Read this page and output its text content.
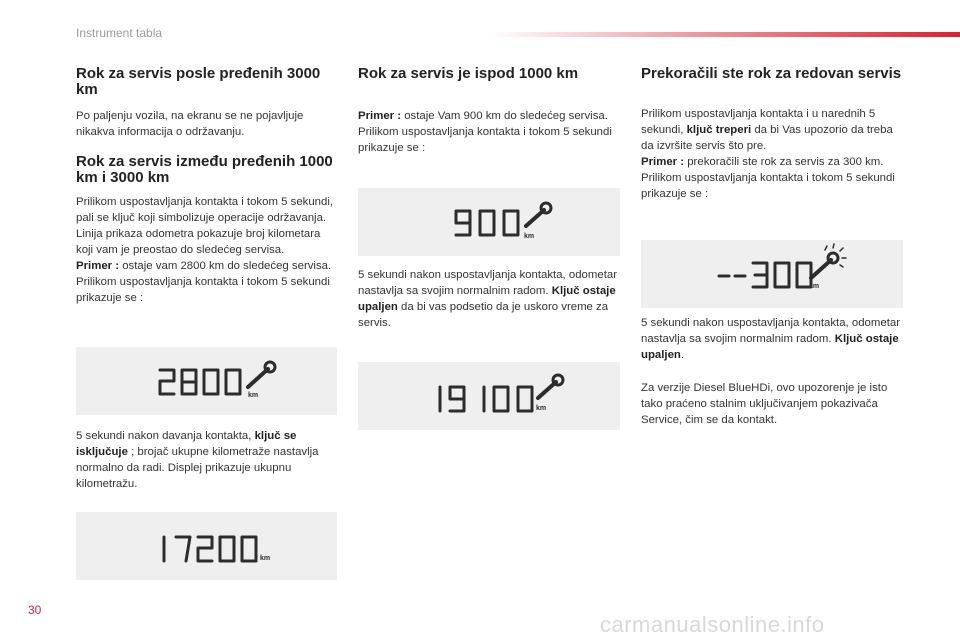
Instrument tabla
Rok za servis posle pređenih 3000 km
Po paljenju vozila, na ekranu se ne pojavljuje nikakva informacija o održavanju.
Rok za servis između pređenih 1000 km i 3000 km
Prilikom uspostavljanja kontakta i tokom 5 sekundi, pali se ključ koji simbolizuje operacije održavanja. Linija prikaza odometra pokazuje broj kilometara koji vam je preostao do sledećeg servisa.
Primer : ostaje vam 2800 km do sledećeg servisa.
Prilikom uspostavljanja kontakta i tokom 5 sekundi prikazuje se :
km
5 sekundi nakon davanja kontakta, ključ se isključuje ; brojač ukupne kilometraže nastavlja normalno da radi. Displej prikazuje ukupnu kilometražu.
km
Rok za servis je ispod 1000 km
Primer : ostaje Vam 900 km do sledećeg servisa.
Prilikom uspostavljanja kontakta i tokom 5 sekundi prikazuje se :
km
5 sekundi nakon uspostavljanja kontakta, odometar nastavlja sa svojim normalnim radom. Ključ ostaje upaljen da bi vas podsetio da je uskoro vreme za servis.
km
Prekoračili ste rok za redovan servis
Prilikom uspostavljanja kontakta i u narednih 5 sekundi, ključ treperi da bi Vas upozorio da treba da izvršite servis što pre.
Primer : prekoračili ste rok za servis za 300 km.
Prilikom uspostavljanja kontakta i tokom 5 sekundi prikazuje se :
km
5 sekundi nakon uspostavljanja kontakta, odometar nastavlja sa svojim normalnim radom. Ključ ostaje upaljen.
Za verzije Diesel BlueHDi, ovo upozorenje je isto tako praćeno stalnim uključivanjem pokazivača Service, čim se da kontakt.
30
carmanualsonline.info
